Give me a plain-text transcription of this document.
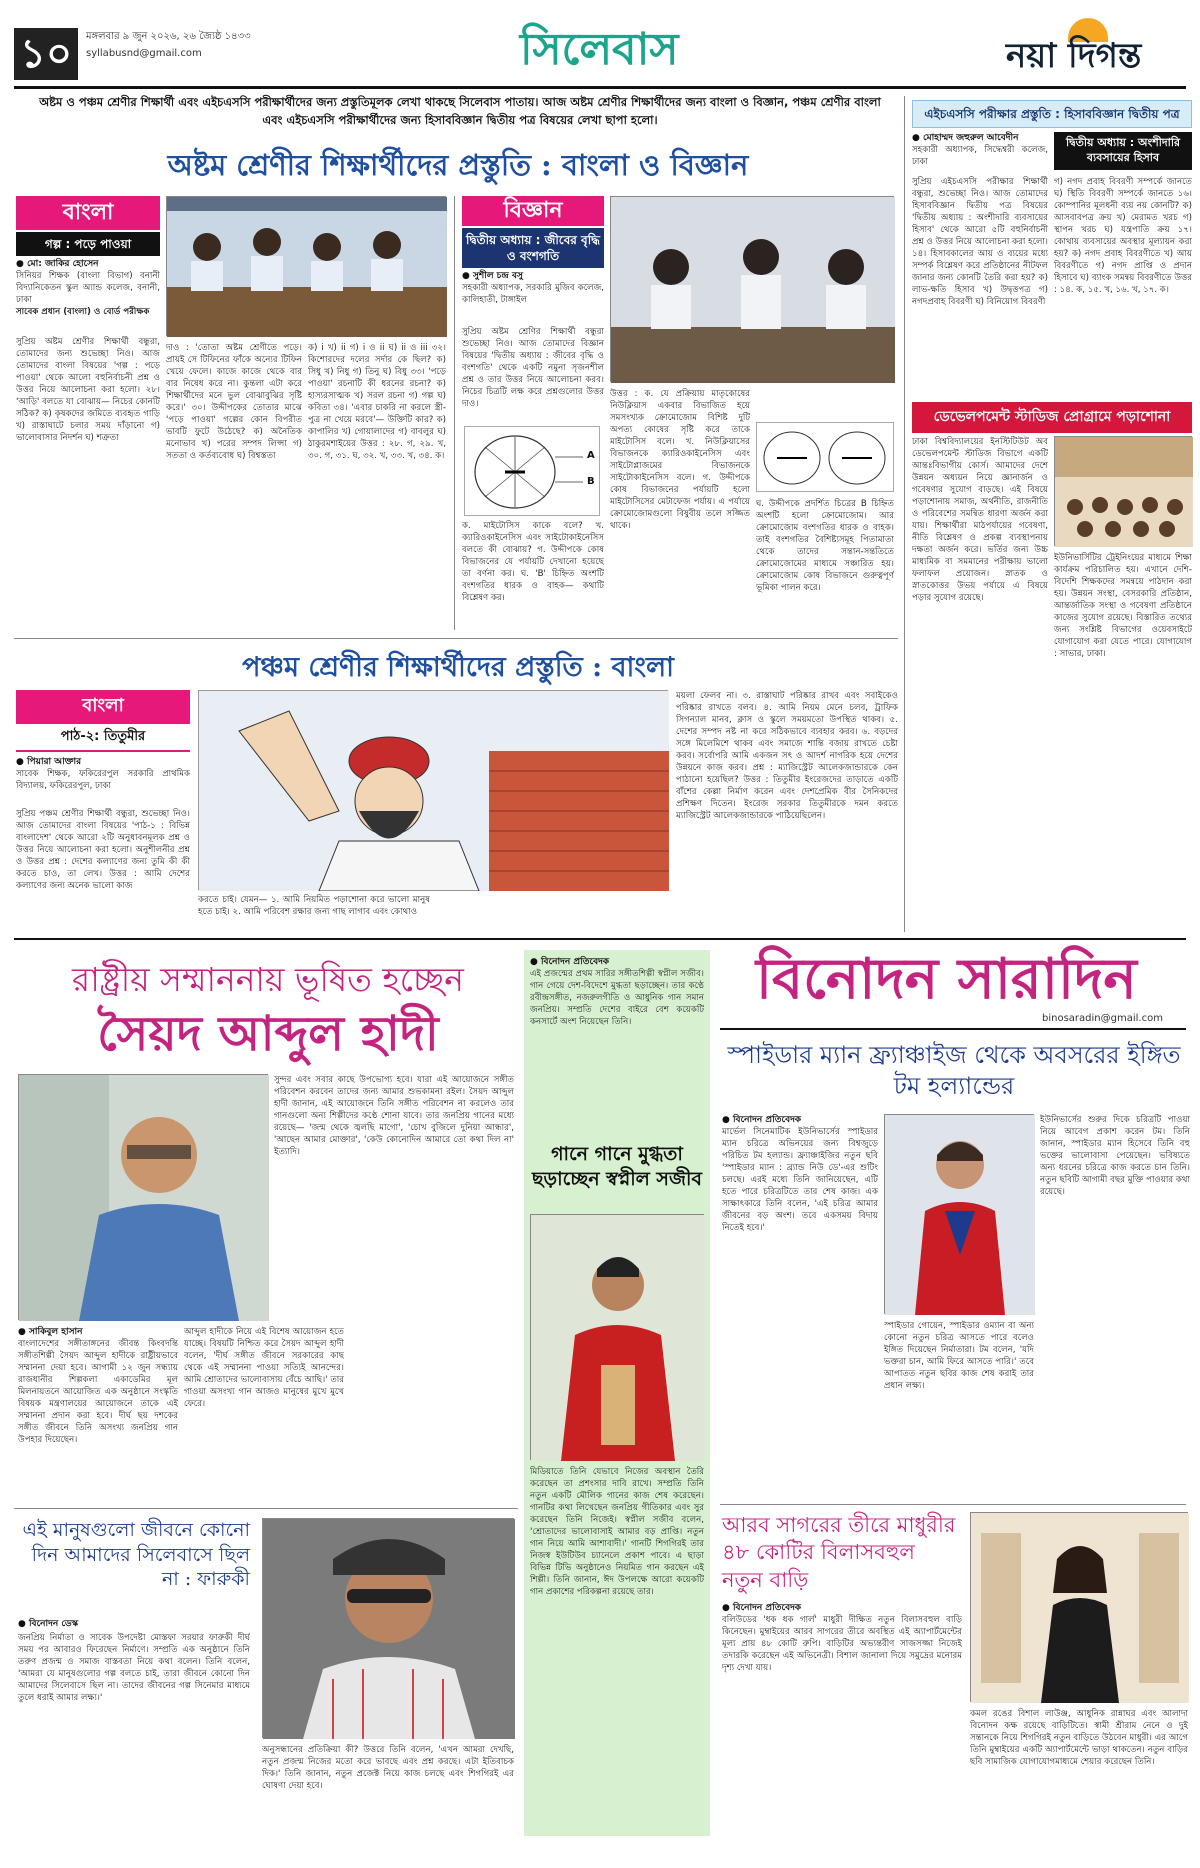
১০	মঙ্গলবার ৯ জুন ২০২৬, ২৬ জ্যৈষ্ঠ ১৪৩৩
syllabusnd@gmail.com	সিলেবাস	নয়া দিগন্ত
অষ্টম ও পঞ্চম শ্রেণীর শিক্ষার্থী এবং এইচএসসি পরীক্ষার্থীদের জন্য প্রস্তুতিমূলক লেখা থাকছে সিলেবাস পাতায়। আজ অষ্টম শ্রেণীর শিক্ষার্থীদের জন্য বাংলা ও বিজ্ঞান, পঞ্চম শ্রেণীর বাংলা এবং এইচএসসি পরীক্ষার্থীদের জন্য হিসাববিজ্ঞান দ্বিতীয় পত্র বিষয়ের লেখা ছাপা হলো।
অষ্টম শ্রেণীর শিক্ষার্থীদের প্রস্তুতি : বাংলা ও বিজ্ঞান
বাংলা
গল্প : পড়ে পাওয়া
● মো: জাকির হোসেন
সিনিয়র শিক্ষক (বাংলা বিভাগ) বনানী বিদ্যানিকেতন স্কুল অ্যান্ড কলেজ, বনানী, ঢাকা
সাবেক প্রধান (বাংলা) ও বোর্ড পরীক্ষক
সুপ্রিয় অষ্টম শ্রেণীর শিক্ষার্থী বন্ধুরা, তোমাদের জন্য শুভেচ্ছা নিও। আজ তোমাদের বাংলা বিষয়ের 'গল্প : পড়ে পাওয়া' থেকে আলো বহুনির্বাচনী প্রশ্ন ও উত্তর নিয়ে আলোচনা করা হলো। ২৮। 'আড়ি' বলতে যা বোঝায়— নিচের কোনটি সঠিক? ক) কৃষকদের জমিতে ব্যবহৃত গাড়ি খ) রাস্তাঘাটে চলার সময় দাঁড়ানো গ) ভালোবাসার নিদর্শন ঘ) শত্রুতা
দাও : 'তোতা অষ্টম শ্রেণীতে পড়ে। প্রায়ই সে টিফিনের ফাঁকে অন্যের টিফিন খেয়ে ফেলে। কাজে কাজে থেকে বার বার নিষেধ করে না। কুন্তলা এটা করে শিক্ষার্থীদের মনে ভুল বোঝাবুঝির সৃষ্টি করে।' ৩০। উদ্দীপকের তোতার মাঝে 'পড়ে পাওয়া' গল্পের কোন বিপরীত ভাবটি ফুটে উঠেছে? ক) অনৈতিক মনোভাব খ) পরের সম্পদ লিপ্সা গ) সততা ও কর্তব্যবোধ ঘ) বিশ্বস্ততা
ক) i খ) ii গ) i ও ii ঘ) ii ও iii ৩২। কিশোরদের দলের সর্দার কে ছিল? ক) সিধু খ) নিধু গ) তিনু ঘ) বিধু ৩৩। 'পড়ে পাওয়া' রচনাটি কী ধরনের রচনা? ক) হাস্যরসাত্মক খ) সরল রচনা গ) গল্প ঘ) কবিতা ৩৪। 'এবার চাকরি না করলে স্ত্রী-পুত্র না খেয়ে মরবে'— উক্তিটি কার? ক) কাপালির খ) গোয়ালাদের গ) বাবলুর ঘ) ঠাকুরমশাইয়ের উত্তর : ২৮. গ, ২৯. খ, ৩০. গ, ৩১. ঘ, ৩২. খ, ৩৩. খ, ৩৪. ক।
বিজ্ঞান
দ্বিতীয় অধ্যায় : জীবের বৃদ্ধি ও বংশগতি
● সুশীল চন্দ্র বসু
সহকারী অধ্যাপক, সরকারি মুজিব কলেজ, কালিহাতী, টাঙ্গাইল
সুপ্রিয় অষ্টম শ্রেণির শিক্ষার্থী বন্ধুরা শুভেচ্ছা নিও। আজ তোমাদের বিজ্ঞান বিষয়ের 'দ্বিতীয় অধ্যায় : জীবের বৃদ্ধি ও বংশগতি' থেকে একটি নমুনা সৃজনশীল প্রশ্ন ও তার উত্তর নিয়ে আলোচনা করব। নিচের চিত্রটি লক্ষ করে প্রশ্নগুলোর উত্তর দাও।
A
B
ক. মাইটোসিস কাকে বলে? খ. ক্যারিওকাইনেসিস এবং সাইটোকাইনেসিস বলতে কী বোঝায়? গ. উদ্দীপকে কোষ বিভাজনের যে পর্যায়টি দেখানো হয়েছে তা বর্ণনা কর। ঘ. 'B' চিহ্নিত অংশটি বংশগতির ধারক ও বাহক— কথাটি বিশ্লেষণ কর।
উত্তর : ক. যে প্রক্রিয়ায় মাতৃকোষের নিউক্লিয়াস একবার বিভাজিত হয়ে সমসংখ্যক ক্রোমোজোম বিশিষ্ট দুটি অপত্য কোষের সৃষ্টি করে তাকে মাইটোসিস বলে। খ. নিউক্লিয়াসের বিভাজনকে ক্যারিওকাইনেসিস এবং সাইটোপ্লাজমের বিভাজনকে সাইটোকাইনেসিস বলে। গ. উদ্দীপকে কোষ বিভাজনের পর্যায়টি হলো মাইটোসিসের মেটাফেজ পর্যায়। এ পর্যায়ে ক্রোমোজোমগুলো বিষুবীয় তলে সজ্জিত থাকে।
ঘ. উদ্দীপকে প্রদর্শিত চিত্রের B চিহ্নিত অংশটি হলো ক্রোমোজোম। আর ক্রোমোজোম বংশগতির ধারক ও বাহক। তাই বংশগতির বৈশিষ্ট্যসমূহ পিতামাতা থেকে তাদের সন্তান-সন্ততিতে ক্রোমোজোমের মাধ্যমে সঞ্চারিত হয়। ক্রোমোজোম কোষ বিভাজনে গুরুত্বপূর্ণ ভূমিকা পালন করে।
এইচএসসি পরীক্ষার প্রস্তুতি : হিসাববিজ্ঞান দ্বিতীয় পত্র
● মোহাম্মদ জহুরুল আবেদীন
সহকারী অধ্যাপক, সিদ্ধেশ্বরী কলেজ, ঢাকা
দ্বিতীয় অধ্যায় : অংশীদারি ব্যবসায়ের হিসাব
সুপ্রিয় এইচএসসি পরীক্ষার শিক্ষার্থী বন্ধুরা, শুভেচ্ছা নিও। আজ তোমাদের হিসাববিজ্ঞান দ্বিতীয় পত্র বিষয়ের 'দ্বিতীয় অধ্যায় : অংশীদারি ব্যবসায়ের হিসাব' থেকে আরো ৫টি বহুনির্বাচনী প্রশ্ন ও উত্তর নিয়ে আলোচনা করা হলো। ১৪। হিসাবকালের আয় ও ব্যয়ের মধ্যে সম্পর্ক বিশ্লেষণ করে প্রতিষ্ঠানের নীটফল জানার জন্য কোনটি তৈরি করা হয়? ক) লাভ-ক্ষতি হিসাব খ) উদ্বৃত্তপত্র গ) নগদপ্রবাহ বিবরণী ঘ) বিনিয়োগ বিবরণী
গ) নগদ প্রবাহ বিবরণী সম্পর্কে জানতে ঘ) স্থিতি বিবরণী সম্পর্কে জানতে ১৬। কোম্পানির মূলধনী ব্যয় নয় কোনটি? ক) আসবাবপত্র ক্রয় খ) মেরামত খরচ গ) স্থাপন খরচ ঘ) যন্ত্রপাতি ক্রয় ১৭। কোথায় ব্যবসায়ের অবস্থার মূল্যায়ন করা হয়? ক) নগদ প্রবাহ বিবরণীতে খ) আয় বিবরণীতে গ) নগদ প্রাপ্তি ও প্রদান হিসাবে ঘ) ব্যাংক সমন্বয় বিবরণীতে উত্তর : ১৪. ক, ১৫. খ, ১৬. খ, ১৭. ক।
ডেভেলপমেন্ট স্টাডিজ প্রোগ্রামে পড়াশোনা
ঢাকা বিশ্ববিদ্যালয়ের ইনস্টিটিউট অব ডেভেলপমেন্ট স্টাডিজ বিভাগে একটি আন্তঃবিভাগীয় কোর্স। আমাদের দেশে উন্নয়ন অধ্যয়ন নিয়ে জ্ঞানার্জন ও গবেষণার সুযোগ বাড়ছে। এই বিষয়ে পড়াশোনায় সমাজ, অর্থনীতি, রাজনীতি ও পরিবেশের সমন্বিত ধারণা অর্জন করা যায়। শিক্ষার্থীরা মাঠপর্যায়ের গবেষণা, নীতি বিশ্লেষণ ও প্রকল্প ব্যবস্থাপনায় দক্ষতা অর্জন করে। ভর্তির জন্য উচ্চ মাধ্যমিক বা সমমানের পরীক্ষায় ভালো ফলাফল প্রয়োজন। স্নাতক ও স্নাতকোত্তর উভয় পর্যায়ে এ বিষয়ে পড়ার সুযোগ রয়েছে।
ইউনিভার্সিটির ট্রেইনিংয়ের মাধ্যমে শিক্ষা কার্যক্রম পরিচালিত হয়। এখানে দেশি-বিদেশি শিক্ষকদের সমন্বয়ে পাঠদান করা হয়। উন্নয়ন সংস্থা, বেসরকারি প্রতিষ্ঠান, আন্তর্জাতিক সংস্থা ও গবেষণা প্রতিষ্ঠানে কাজের সুযোগ রয়েছে। বিস্তারিত তথ্যের জন্য সংশ্লিষ্ট বিভাগের ওয়েবসাইটে যোগাযোগ করা যেতে পারে। যোগাযোগ : সাভার, ঢাকা।
পঞ্চম শ্রেণীর শিক্ষার্থীদের প্রস্তুতি : বাংলা
বাংলা
পাঠ-২: তিতুমীর
● পিয়ারা আক্তার
সাবেক শিক্ষক, ফকিরেরপুল সরকারি প্রাথমিক বিদ্যালয়, ফকিরেরপুল, ঢাকা
সুপ্রিয় পঞ্চম শ্রেণীর শিক্ষার্থী বন্ধুরা, শুভেচ্ছা নিও। আজ তোমাদের বাংলা বিষয়ের 'পাঠ-১ : বিভিন্ন বাংলাদেশ' থেকে আরো ২টি অনুধাবনমূলক প্রশ্ন ও উত্তর নিয়ে আলোচনা করা হলো। অনুশীলনীর প্রশ্ন ও উত্তর প্রশ্ন : দেশের কল্যাণের জন্য তুমি কী কী করতে চাও, তা লেখ। উত্তর : আমি দেশের কল্যাণের জন্য অনেক ভালো কাজ
করতে চাই। যেমন— ১. আমি নিয়মিত পড়াশোনা করে ভালো মানুষ হতে চাই। ২. আমি পরিবেশ রক্ষার জন্য গাছ লাগাব এবং কোথাও
ময়লা ফেলব না। ৩. রাস্তাঘাট পরিষ্কার রাখব এবং সবাইকেও পরিষ্কার রাখতে বলব। ৪. আমি নিয়ম মেনে চলব, ট্রাফিক সিগন্যাল মানব, ক্লাস ও স্কুলে সময়মতো উপস্থিত থাকব। ৫. দেশের সম্পদ নষ্ট না করে সঠিকভাবে ব্যবহার করব। ৬. বড়দের সঙ্গে মিলেমিশে থাকব এবং সমাজে শান্তি বজায় রাখতে চেষ্টা করব। সর্বোপরি আমি একজন সৎ ও আদর্শ নাগরিক হয়ে দেশের উন্নয়নে কাজ করব। প্রশ্ন : ম্যাজিস্ট্রেট আলেকজান্ডারকে কেন পাঠানো হয়েছিল? উত্তর : তিতুমীর ইংরেজদের তাড়াতে একটি বাঁশের কেল্লা নির্মাণ করেন এবং দেশপ্রেমিক বীর সৈনিকদের প্রশিক্ষণ দিতেন। ইংরেজ সরকার তিতুমীরকে দমন করতে ম্যাজিস্ট্রেট আলেকজান্ডারকে পাঠিয়েছিলেন।
রাষ্ট্রীয় সম্মাননায় ভূষিত হচ্ছেন
সৈয়দ আব্দুল হাদী
● সাকিবুল হাসান
বাংলাদেশের সঙ্গীতাঙ্গনের জীবন্ত কিংবদন্তি সঙ্গীতশিল্পী সৈয়দ আব্দুল হাদীকে রাষ্ট্রীয়ভাবে সম্মাননা দেয়া হবে। আগামী ১২ জুন সন্ধ্যায় রাজধানীর শিল্পকলা একাডেমির মূল মিলনায়তনে আয়োজিত এক অনুষ্ঠানে সংস্কৃতি বিষয়ক মন্ত্রণালয়ের আয়োজনে তাকে এই সম্মাননা প্রদান করা হবে। দীর্ঘ ছয় দশকের সঙ্গীত জীবনে তিনি অসংখ্য জনপ্রিয় গান উপহার দিয়েছেন।
আব্দুল হাদীকে নিয়ে এই বিশেষ আয়োজন হতে যাচ্ছে। বিষয়টি নিশ্চিত করে সৈয়দ আব্দুল হাদী বলেন, 'দীর্ঘ সঙ্গীত জীবনে সরকারের কাছ থেকে এই সম্মাননা পাওয়া সত্যিই আনন্দের। আমি শ্রোতাদের ভালোবাসায় বেঁচে আছি।' তার গাওয়া অসংখ্য গান আজও মানুষের মুখে মুখে ফেরে।
সুন্দর এবং সবার কাছে উপভোগ্য হবে। যারা এই আয়োজনে সঙ্গীত পরিবেশন করবেন তাদের জন্য আমার শুভকামনা রইল। সৈয়দ আব্দুল হাদী জানান, এই আয়োজনে তিনি সঙ্গীত পরিবেশন না করলেও তার গানগুলো অন্য শিল্পীদের কণ্ঠে শোনা যাবে। তার জনপ্রিয় গানের মধ্যে রয়েছে— 'জন্ম থেকে জ্বলছি মাগো', 'চোখ বুজিলে দুনিয়া আন্ধার', 'আছেন আমার মোক্তার', 'কেউ কোনোদিন আমারে তো কথা দিল না' ইত্যাদি।
এই মানুষগুলো জীবনে কোনো দিন আমাদের সিলেবাসে ছিল না : ফারুকী
● বিনোদন ডেস্ক
জনপ্রিয় নির্মাতা ও সাবেক উপদেষ্টা মোস্তফা সরয়ার ফারুকী দীর্ঘ সময় পর আবারও ফিরেছেন নির্মাণে। সম্প্রতি এক অনুষ্ঠানে তিনি তরুণ প্রজন্ম ও সমাজ বাস্তবতা নিয়ে কথা বলেন। তিনি বলেন, 'আমরা যে মানুষগুলোর গল্প বলতে চাই, তারা জীবনে কোনো দিন আমাদের সিলেবাসে ছিল না। তাদের জীবনের গল্প সিনেমার মাধ্যমে তুলে ধরাই আমার লক্ষ্য।'
অনুসন্ধানের প্রতিক্রিয়া কী? উত্তরে তিনি বলেন, 'এখন আমরা দেখছি, নতুন প্রজন্ম নিজের মতো করে ভাবছে এবং প্রশ্ন করছে। এটা ইতিবাচক দিক।' তিনি জানান, নতুন প্রজেক্ট নিয়ে কাজ চলছে এবং শিগগিরই এর ঘোষণা দেয়া হবে।
● বিনোদন প্রতিবেদক
এই প্রজন্মের প্রথম সারির সঙ্গীতশিল্পী স্বপ্নীল সজীব। গান গেয়ে দেশ-বিদেশে মুগ্ধতা ছড়াচ্ছেন। তার কণ্ঠে রবীন্দ্রসঙ্গীত, নজরুলগীতি ও আধুনিক গান সমান জনপ্রিয়। সম্প্রতি দেশের বাইরে বেশ কয়েকটি কনসার্টে অংশ নিয়েছেন তিনি।
গানে গানে মুগ্ধতা ছড়াচ্ছেন স্বপ্নীল সজীব
মিডিয়াতে তিনি যেভাবে নিজের অবস্থান তৈরি করেছেন তা প্রশংসার দাবি রাখে। সম্প্রতি তিনি নতুন একটি মৌলিক গানের কাজ শেষ করেছেন। গানটির কথা লিখেছেন জনপ্রিয় গীতিকার এবং সুর করেছেন তিনি নিজেই। স্বপ্নীল সজীব বলেন, 'শ্রোতাদের ভালোবাসাই আমার বড় প্রাপ্তি। নতুন গান নিয়ে আমি আশাবাদী।' গানটি শিগগিরই তার নিজস্ব ইউটিউব চ্যানেলে প্রকাশ পাবে। এ ছাড়া বিভিন্ন টিভি অনুষ্ঠানেও নিয়মিত গান করছেন এই শিল্পী। তিনি জানান, ঈদ উপলক্ষে আরো কয়েকটি গান প্রকাশের পরিকল্পনা রয়েছে তার।
বিনোদন সারাদিন
binosaradin@gmail.com
স্পাইডার ম্যান ফ্র্যাঞ্চাইজ থেকে অবসরের ইঙ্গিত টম হল্যান্ডের
● বিনোদন প্রতিবেদক
মার্ভেল সিনেমাটিক ইউনিভার্সের স্পাইডার ম্যান চরিত্রে অভিনয়ের জন্য বিশ্বজুড়ে পরিচিত টম হল্যান্ড। ফ্র্যাঞ্চাইজির নতুন ছবি 'স্পাইডার ম্যান : ব্র্যান্ড নিউ ডে'-এর শুটিং চলছে। এরই মধ্যে তিনি জানিয়েছেন, এটি হতে পারে চরিত্রটিতে তার শেষ কাজ। এক সাক্ষাৎকারে তিনি বলেন, 'এই চরিত্র আমার জীবনের বড় অংশ। তবে একসময় বিদায় নিতেই হবে।'
স্পাইডার গোয়েন, স্পাইডার ওম্যান বা অন্য কোনো নতুন চরিত্র আসতে পারে বলেও ইঙ্গিত দিয়েছেন নির্মাতারা। টম বলেন, 'যদি ভক্তরা চান, আমি ফিরে আসতে পারি।' তবে আপাতত নতুন ছবির কাজ শেষ করাই তার প্রধান লক্ষ্য।
ইউনিভার্সের শুরুর দিকে চরিত্রটি পাওয়া নিয়ে আবেগ প্রকাশ করেন টম। তিনি জানান, স্পাইডার ম্যান হিসেবে তিনি বহু ভক্তের ভালোবাসা পেয়েছেন। ভবিষ্যতে অন্য ধরনের চরিত্রে কাজ করতে চান তিনি। নতুন ছবিটি আগামী বছর মুক্তি পাওয়ার কথা রয়েছে।
আরব সাগরের তীরে মাধুরীর ৪৮ কোটির বিলাসবহুল নতুন বাড়ি
● বিনোদন প্রতিবেদক
বলিউডের 'ধক ধক গার্ল' মাধুরী দীক্ষিত নতুন বিলাসবহুল বাড়ি কিনেছেন। মুম্বাইয়ের আরব সাগরের তীরে অবস্থিত এই অ্যাপার্টমেন্টের মূল্য প্রায় ৪৮ কোটি রুপি। বাড়িটির অভ্যন্তরীণ সাজসজ্জা নিজেই তদারকি করেছেন এই অভিনেত্রী। বিশাল জানালা দিয়ে সমুদ্রের মনোরম দৃশ্য দেখা যায়।
কমল রঙের বিশাল লাউঞ্জ, আধুনিক রান্নাঘর এবং আলাদা বিনোদন কক্ষ রয়েছে বাড়িটিতে। স্বামী শ্রীরাম নেনে ও দুই সন্তানকে নিয়ে শিগগিরই নতুন বাড়িতে উঠবেন মাধুরী। এর আগে তিনি মুম্বাইয়ের একটি অ্যাপার্টমেন্টে ভাড়া থাকতেন। নতুন বাড়ির ছবি সামাজিক যোগাযোগমাধ্যমে শেয়ার করেছেন তিনি।
